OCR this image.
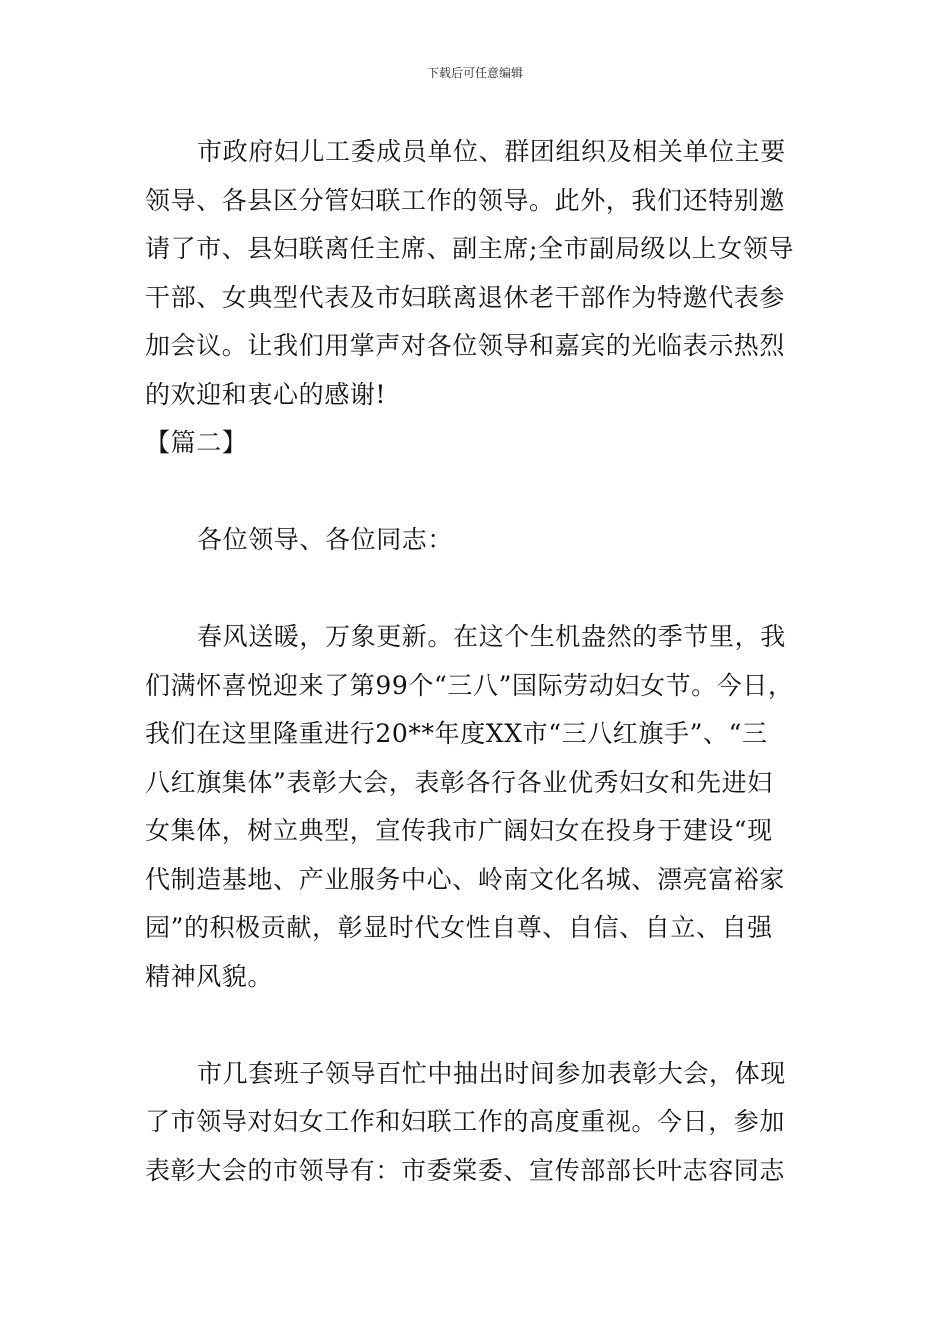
下载后可任意编辑
市政府妇儿工委成员单位、群团组织及相关单位主要
领导、各县区分管妇联工作的领导。此外，我们还特别邀
请了市、县妇联离任主席、副主席;全市副局级以上女领导
干部、女典型代表及市妇联离退休老干部作为特邀代表参
加会议。让我们用掌声对各位领导和嘉宾的光临表示热烈
的欢迎和衷心的感谢!
【篇二】
各位领导、各位同志：
春风送暖，万象更新。在这个生机盎然的季节里，我
们满怀喜悦迎来了第99个“三八”国际劳动妇女节。今日，
我们在这里隆重进行20**年度XX市“三八红旗手”、“三
八红旗集体”表彰大会，表彰各行各业优秀妇女和先进妇
女集体，树立典型，宣传我市广阔妇女在投身于建设“现
代制造基地、产业服务中心、岭南文化名城、漂亮富裕家
园”的积极贡献，彰显时代女性自尊、自信、自立、自强
精神风貌。
市几套班子领导百忙中抽出时间参加表彰大会，体现
了市领导对妇女工作和妇联工作的高度重视。今日，参加
表彰大会的市领导有：市委棠委、宣传部部长叶志容同志
